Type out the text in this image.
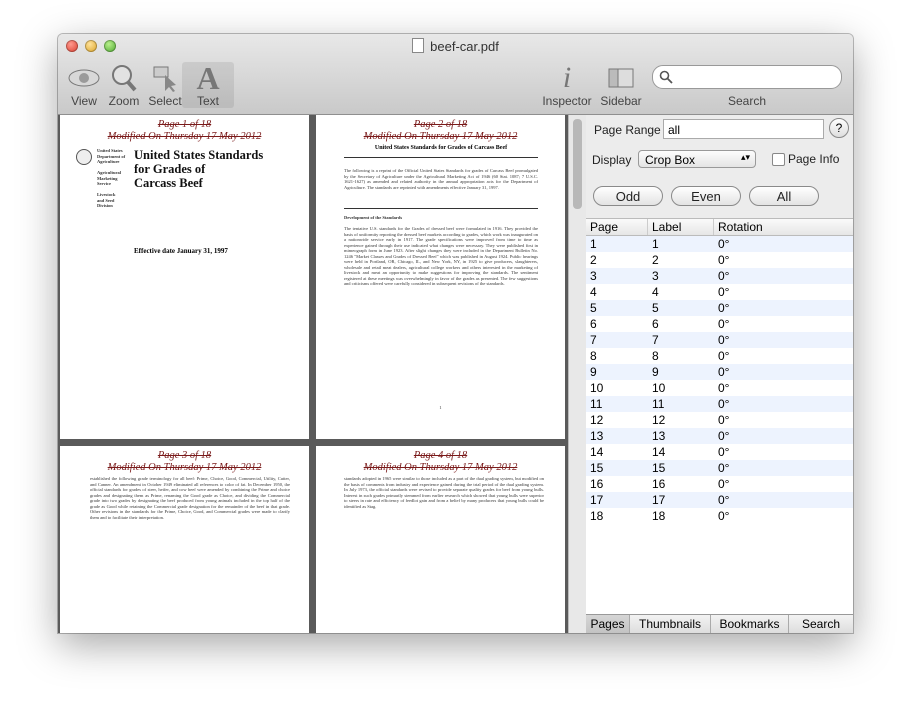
beef-car.pdf
View Zoom Select
A
Text
i
Inspector Sidebar	Search
Page 1 of 18
Modified On Thursday 17 May 2012
United States
Department of
Agriculture

Agricultural
Marketing
Service

Livestock
and Seed
Division
United States Standards
for Grades of
Carcass Beef
Effective date January 31, 1997
Page 2 of 18
Modified On Thursday 17 May 2012
United States Standards for Grades of Carcass Beef
The following is a reprint of the Official United States Standards for grades of Carcass Beef promulgated by the Secretary of Agriculture under the Agricultural Marketing Act of 1946 (60 Stat. 1087; 7 U.S.C. 1621-1627) as amended and related authority in the annual appropriation acts for the Department of Agriculture. The standards are reprinted with amendments effective January 31, 1997.
Development of the Standards
The tentative U.S. standards for the Grades of dressed beef were formulated in 1916. They provided the basis of uniformity reporting the dressed beef markets according to grades, which work was inaugurated on a nationwide service early in 1917. The grade specifications were improved from time to time as experience gained through their use indicated what changes were necessary. They were published first in mimeograph form in June 1923. After slight changes they were included in the Department Bulletin No. 1246 "Market Classes and Grades of Dressed Beef" which was published in August 1924. Public hearings were held in Portland, OR, Chicago, IL, and New York, NY, in 1925 to give producers, slaughterers, wholesale and retail meat dealers, agricultural college workers and others interested in the marketing of livestock and meat an opportunity to make suggestions for improving the standards. The sentiment registered at these meetings was overwhelmingly in favor of the grades as presented. The few suggestions and criticisms offered were carefully considered in subsequent revisions of the standards.
1
Page 3 of 18
Modified On Thursday 17 May 2012
established the following grade terminology for all beef: Prime, Choice, Good, Commercial, Utility, Cutter, and Canner. An amendment in October 1949 eliminated all references to color of fat. In December 1950, the official standards for grades of steer, heifer, and cow beef were amended by combining the Prime and choice grades and designating them as Prime, renaming the Good grade as Choice, and dividing the Commercial grade into two grades by designating the beef produced from young animals included in the top half of the grade as Good while retaining the Commercial grade designation for the remainder of the beef in that grade. Other revisions in the standards for the Prime, Choice, Good, and Commercial grades were made to clarify them and to facilitate their interpretation.
Page 4 of 18
Modified On Thursday 17 May 2012
standards adopted in 1965 were similar to those included as a part of the dual grading system, but modified on the basis of comments from industry and experience gained during the trial period of the dual grading system. In July 1973, the official standards were revised to provide separate quality grades for beef from young bulls. Interest in such grades primarily stemmed from earlier research which showed that young bulls were superior to steers in rate and efficiency of feedlot gain and from a belief by many producers that young bulls could be identified as Stag.
Page Range all	?
Display	Crop Box	▴▾	Page Info
Odd	Even	All
Page	Label	Rotation
1	1	0°
2	2	0°
3	3	0°
4	4	0°
5	5	0°
6	6	0°
7	7	0°
8	8	0°
9	9	0°
10	10	0°
11	11	0°
12	12	0°
13	13	0°
14	14	0°
15	15	0°
16	16	0°
17	17	0°
18	18	0°
Pages	Thumbnails	Bookmarks	Search
